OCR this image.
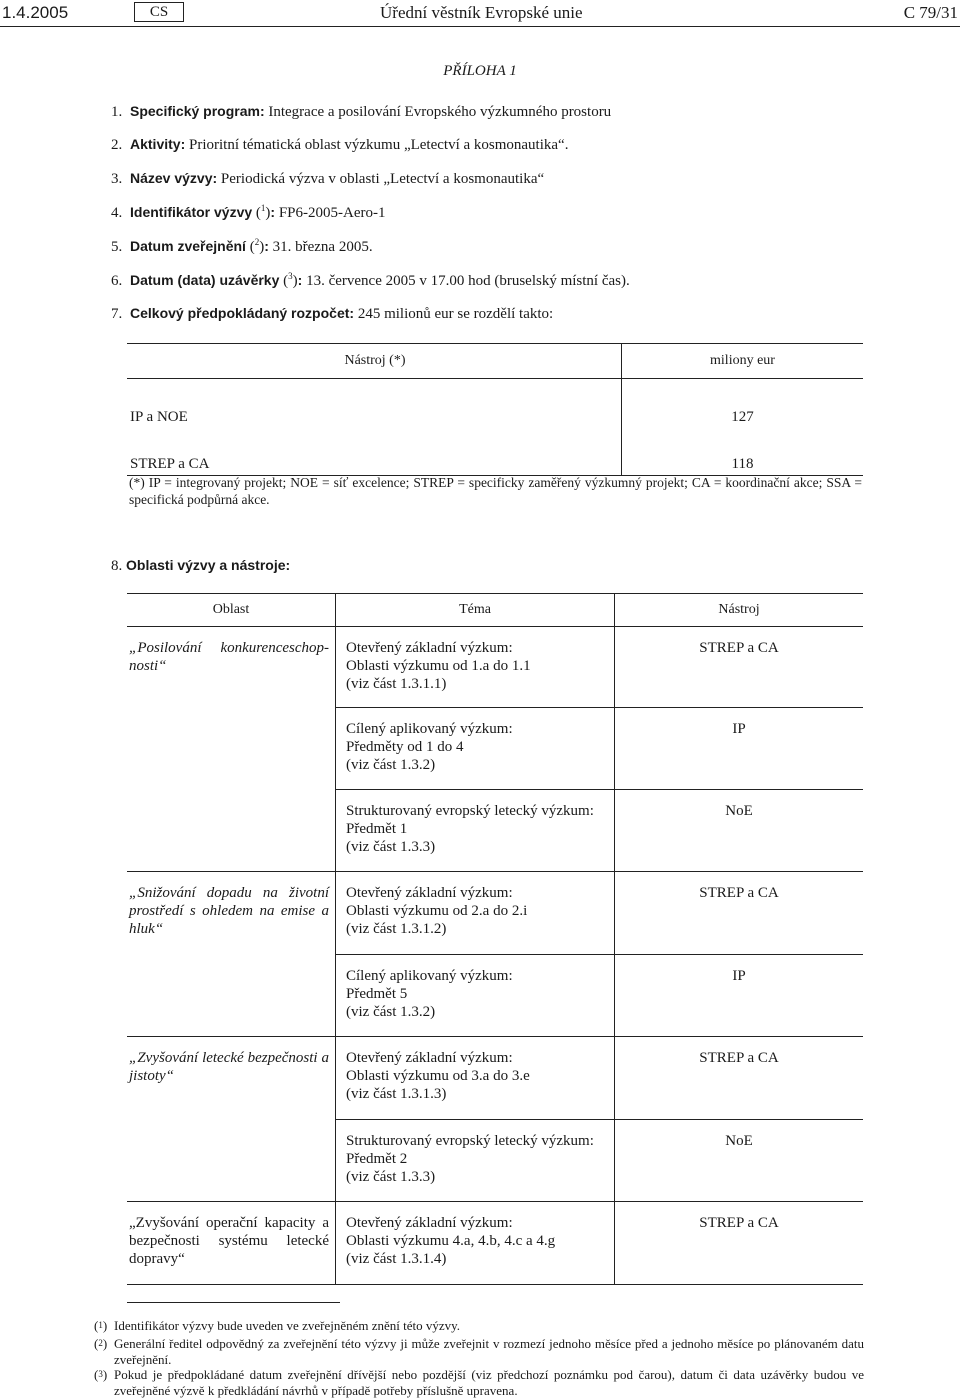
1.4.2005	CS	Úřední věstník Evropské unie	C 79/31
PŘÍLOHA 1
1. Specifický program: Integrace a posilování Evropského výzkumného prostoru
2. Aktivity: Prioritní tématická oblast výzkumu „Letectví a kosmonautika“.
3. Název výzvy: Periodická výzva v oblasti „Letectví a kosmonautika“
4. Identifikátor výzvy ($^1$): FP6-2005-Aero-1
5. Datum zveřejnění ($^2$): 31. března 2005.
6. Datum (data) uzávěrky ($^3$): 13. července 2005 v 17.00 hod (bruselský místní čas).
7. Celkový předpokládaný rozpočet: 245 milionů eur se rozdělí takto:
Nástroj (*)	miliony eur
IP a NOE	127
STREP a CA	118
(*) IP = integrovaný projekt; NOE = síť excelence; STREP = specificky zaměřený výzkumný projekt; CA = koordinační akce; SSA = specifická podpůrná akce.
8. Oblasti výzvy a nástroje:
Oblast	Téma	Nástroj
„Posilování konkurenceschop-nosti“	Otevřený základní výzkum:
Oblasti výzkumu od 1.a do 1.1
(viz část 1.3.1.1)	STREP a CA

	Cílený aplikovaný výzkum:
Předměty od 1 do 4
(viz část 1.3.2)	IP

	Strukturovaný evropský letecký výzkum:
Předmět 1
(viz část 1.3.3)	NoE
„Snižování dopadu na životní prostředí s ohledem na emise a hluk“	Otevřený základní výzkum:
Oblasti výzkumu od 2.a do 2.i
(viz část 1.3.1.2)	STREP a CA

	Cílený aplikovaný výzkum:
Předmět 5
(viz část 1.3.2)	IP
„Zvyšování letecké bezpečnosti a jistoty“	Otevřený základní výzkum:
Oblasti výzkumu od 3.a do 3.e
(viz část 1.3.1.3)	STREP a CA

	Strukturovaný evropský letecký výzkum:
Předmět 2
(viz část 1.3.3)	NoE
„Zvyšování operační kapacity a bezpečnosti systému letecké dopravy“	Otevřený základní výzkum:
Oblasti výzkumu 4.a, 4.b, 4.c a 4.g
(viz část 1.3.1.4)	STREP a CA
($^1$) Identifikátor výzvy bude uveden ve zveřejněném znění této výzvy.
($^2$) Generální ředitel odpovědný za zveřejnění této výzvy ji může zveřejnit v rozmezí jednoho měsíce před a jednoho měsíce po plánovaném datu zveřejnění.
($^3$) Pokud je předpokládané datum zveřejnění dřívější nebo pozdější (viz předchozí poznámku pod čarou), datum či data uzávěrky budou ve zveřejněné výzvě k předkládání návrhů v případě potřeby příslušně upravena.
